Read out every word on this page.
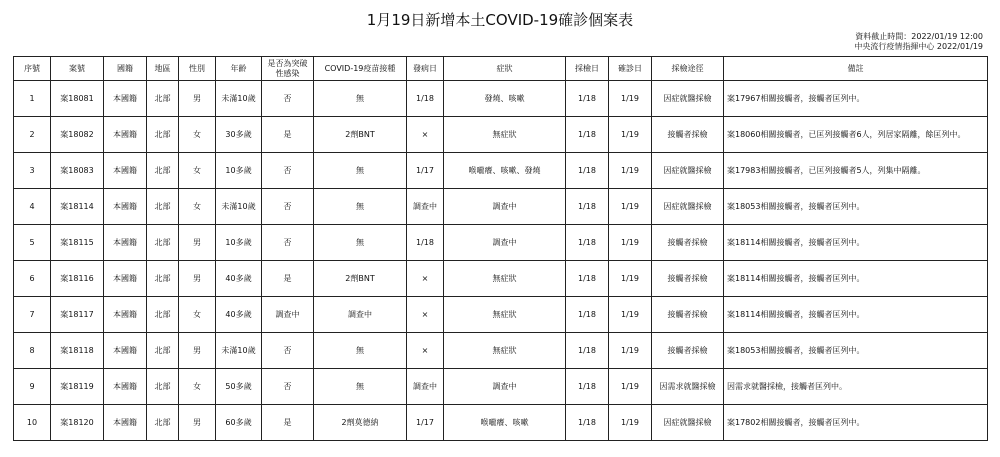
1月19日新增本土COVID-19確診個案表
資料截止時間：2022/01/19 12:00
中央流行疫情指揮中心 2022/01/19
序號	案號	國籍	地區	性別	年齡	是否為突破性感染	COVID-19疫苗接種	發病日	症狀	採檢日	確診日	採檢途徑	備註
1	案18081	本國籍	北部	男	未滿10歲	否	無	1/18	發燒、咳嗽	1/18	1/19	因症就醫採檢	案17967相關接觸者，接觸者匡列中。
2	案18082	本國籍	北部	女	30多歲	是	2劑BNT	×	無症狀	1/18	1/19	接觸者採檢	案18060相關接觸者，已匡列接觸者6人，列居家隔離，餘匡列中。
3	案18083	本國籍	北部	女	10多歲	否	無	1/17	喉嚨癢、咳嗽、發燒	1/18	1/19	因症就醫採檢	案17983相關接觸者，已匡列接觸者5人，列集中隔離。
4	案18114	本國籍	北部	女	未滿10歲	否	無	調查中	調查中	1/18	1/19	因症就醫採檢	案18053相關接觸者，接觸者匡列中。
5	案18115	本國籍	北部	男	10多歲	否	無	1/18	調查中	1/18	1/19	接觸者採檢	案18114相關接觸者，接觸者匡列中。
6	案18116	本國籍	北部	男	40多歲	是	2劑BNT	×	無症狀	1/18	1/19	接觸者採檢	案18114相關接觸者，接觸者匡列中。
7	案18117	本國籍	北部	女	40多歲	調查中	調查中	×	無症狀	1/18	1/19	接觸者採檢	案18114相關接觸者，接觸者匡列中。
8	案18118	本國籍	北部	男	未滿10歲	否	無	×	無症狀	1/18	1/19	接觸者採檢	案18053相關接觸者，接觸者匡列中。
9	案18119	本國籍	北部	女	50多歲	否	無	調查中	調查中	1/18	1/19	因需求就醫採檢	因需求就醫採檢，接觸者匡列中。
10	案18120	本國籍	北部	男	60多歲	是	2劑莫德納	1/17	喉嚨癢、咳嗽	1/18	1/19	因症就醫採檢	案17802相關接觸者，接觸者匡列中。
